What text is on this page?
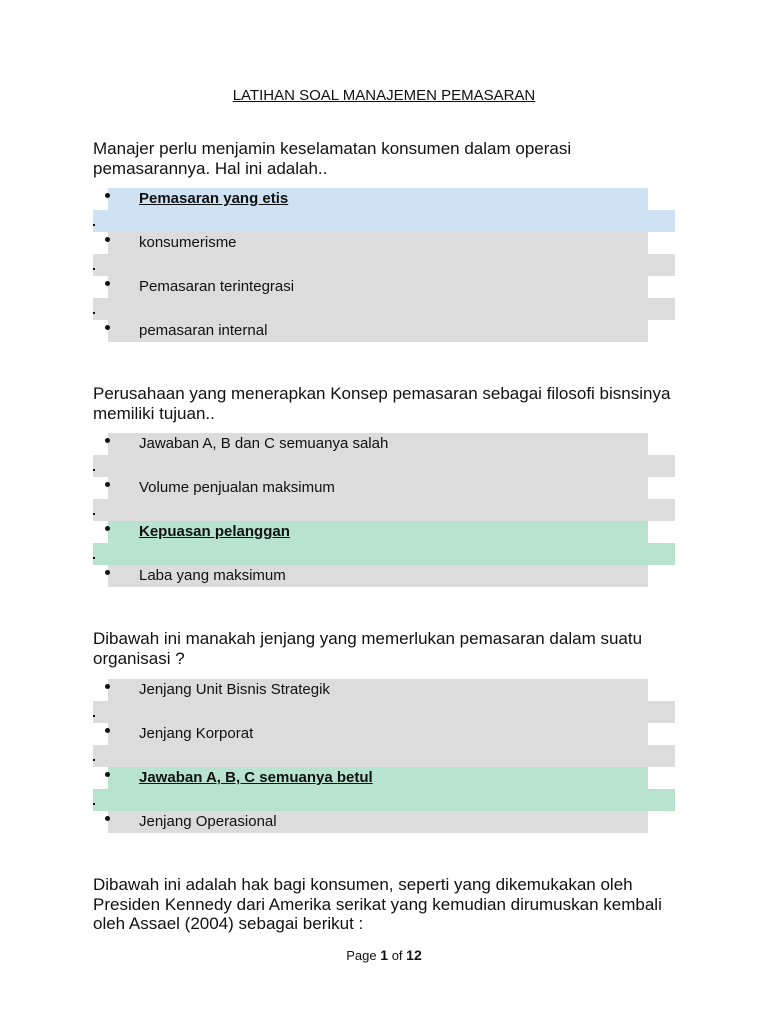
LATIHAN SOAL MANAJEMEN PEMASARAN
Manajer perlu menjamin keselamatan konsumen dalam operasi pemasarannya. Hal ini adalah..
Pemasaran yang etis
konsumerisme
Pemasaran terintegrasi
pemasaran internal
Perusahaan yang menerapkan Konsep pemasaran sebagai filosofi bisnsinya memiliki tujuan..
Jawaban A, B dan C semuanya salah
Volume penjualan maksimum
Kepuasan pelanggan
Laba yang maksimum
Dibawah ini manakah jenjang yang memerlukan pemasaran dalam suatu organisasi ?
Jenjang Unit Bisnis Strategik
Jenjang Korporat
Jawaban A, B, C semuanya betul
Jenjang Operasional
Dibawah ini adalah hak bagi konsumen, seperti yang dikemukakan oleh Presiden Kennedy dari Amerika serikat yang kemudian dirumuskan kembali oleh Assael (2004) sebagai berikut :
Page 1 of 12
